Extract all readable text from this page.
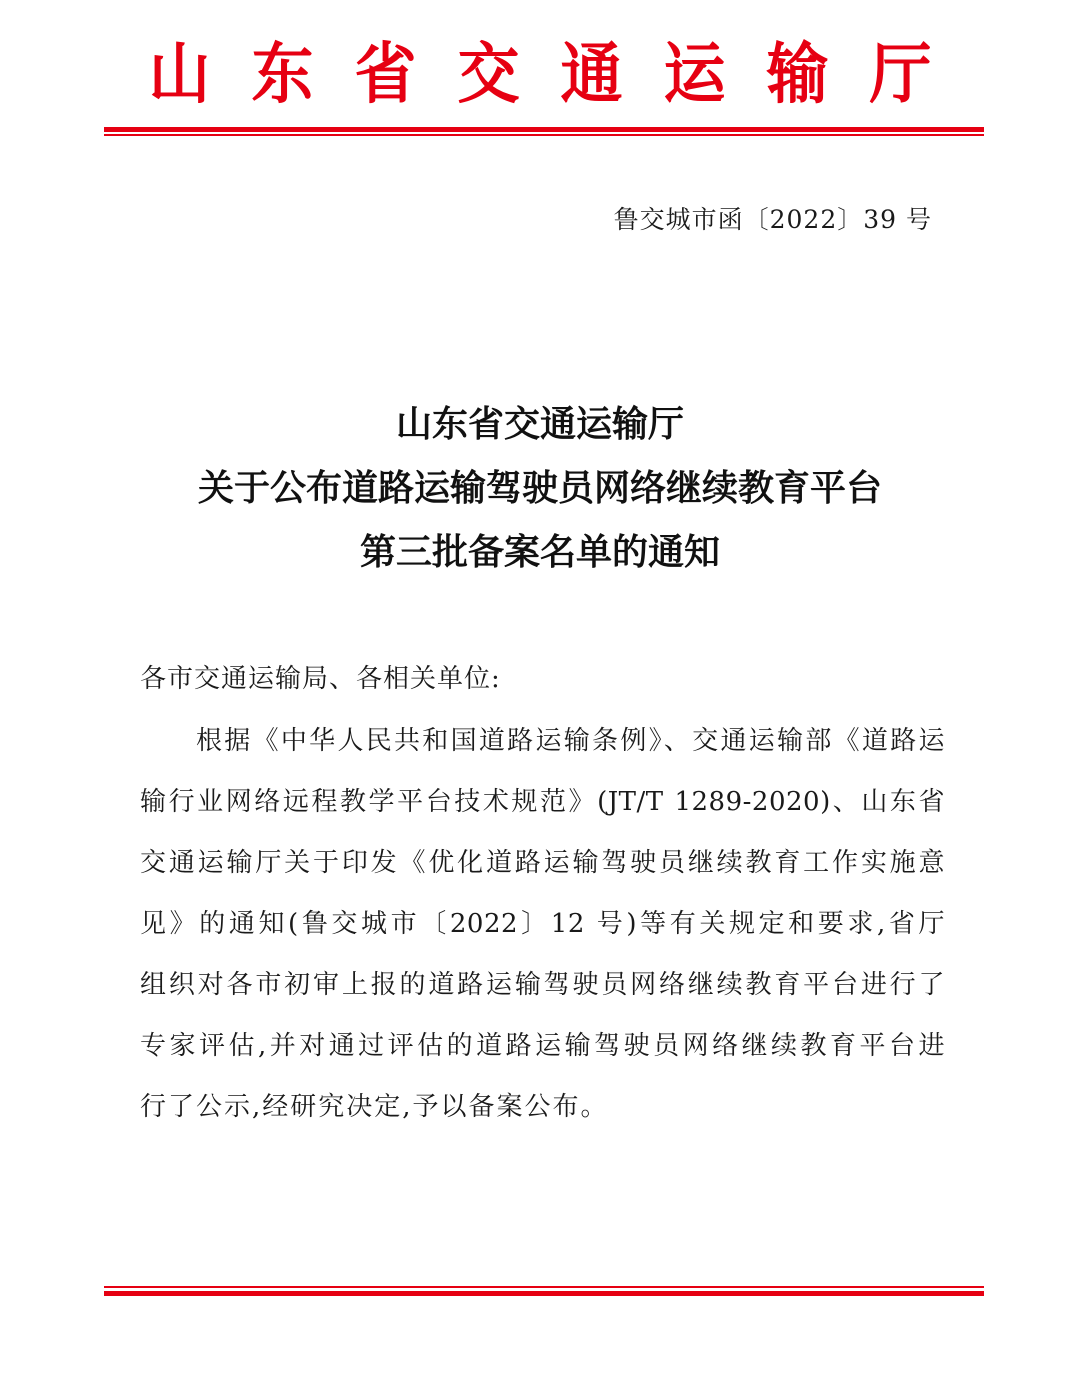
山 东 省 交 通 运 输 厅
鲁交城市函〔2022〕39 号
山东省交通运输厅
关于公布道路运输驾驶员网络继续教育平台
第三批备案名单的通知
各市交通运输局、各相关单位:
根据《中华人民共和国道路运输条例》、交通运输部《道路运
输行业网络远程教学平台技术规范》(JT/T 1289-2020)、山东省
交通运输厅关于印发《优化道路运输驾驶员继续教育工作实施意
见》的通知(鲁交城市〔2022〕12 号)等有关规定和要求,省厅
组织对各市初审上报的道路运输驾驶员网络继续教育平台进行了
专家评估,并对通过评估的道路运输驾驶员网络继续教育平台进
行了公示,经研究决定,予以备案公布。
